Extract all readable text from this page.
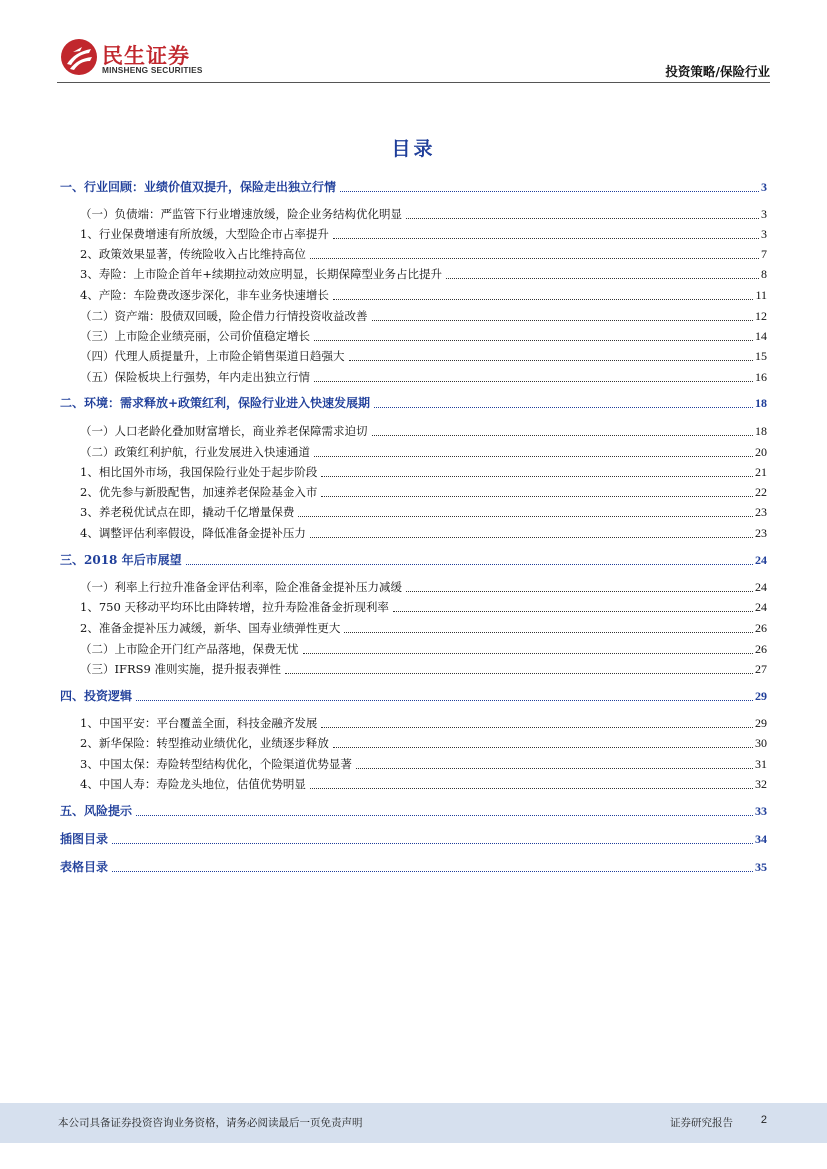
民生证券
MINSHENG SECURITIES	投资策略/保险行业
目录
一、行业回顾：业绩价值双提升，保险走出独立行情	3
（一）负债端：严监管下行业增速放缓，险企业务结构优化明显	3
1、行业保费增速有所放缓，大型险企市占率提升	3
2、政策效果显著，传统险收入占比维持高位	7
3、寿险：上市险企首年+续期拉动效应明显，长期保障型业务占比提升	8
4、产险：车险费改逐步深化，非车业务快速增长	11
（二）资产端：股债双回暖，险企借力行情投资收益改善	12
（三）上市险企业绩亮丽，公司价值稳定增长	14
（四）代理人质提量升，上市险企销售渠道日趋强大	15
（五）保险板块上行强势，年内走出独立行情	16
二、环境：需求释放+政策红利，保险行业进入快速发展期	18
（一）人口老龄化叠加财富增长，商业养老保障需求迫切	18
（二）政策红利护航，行业发展进入快速通道	20
1、相比国外市场，我国保险行业处于起步阶段	21
2、优先参与新股配售，加速养老保险基金入市	22
3、养老税优试点在即，撬动千亿增量保费	23
4、调整评估利率假设，降低准备金提补压力	23
三、2018 年后市展望	24
（一）利率上行拉升准备金评估利率，险企准备金提补压力减缓	24
1、750 天移动平均环比由降转增，拉升寿险准备金折现利率	24
2、准备金提补压力减缓，新华、国寿业绩弹性更大	26
（二）上市险企开门红产品落地，保费无忧	26
（三）IFRS9 准则实施，提升报表弹性	27
四、投资逻辑	29
1、中国平安：平台覆盖全面，科技金融齐发展	29
2、新华保险：转型推动业绩优化，业绩逐步释放	30
3、中国太保：寿险转型结构优化，个险渠道优势显著	31
4、中国人寿：寿险龙头地位，估值优势明显	32
五、风险提示	33
插图目录	34
表格目录	35
本公司具备证券投资咨询业务资格，请务必阅读最后一页免责声明	证券研究报告	2
